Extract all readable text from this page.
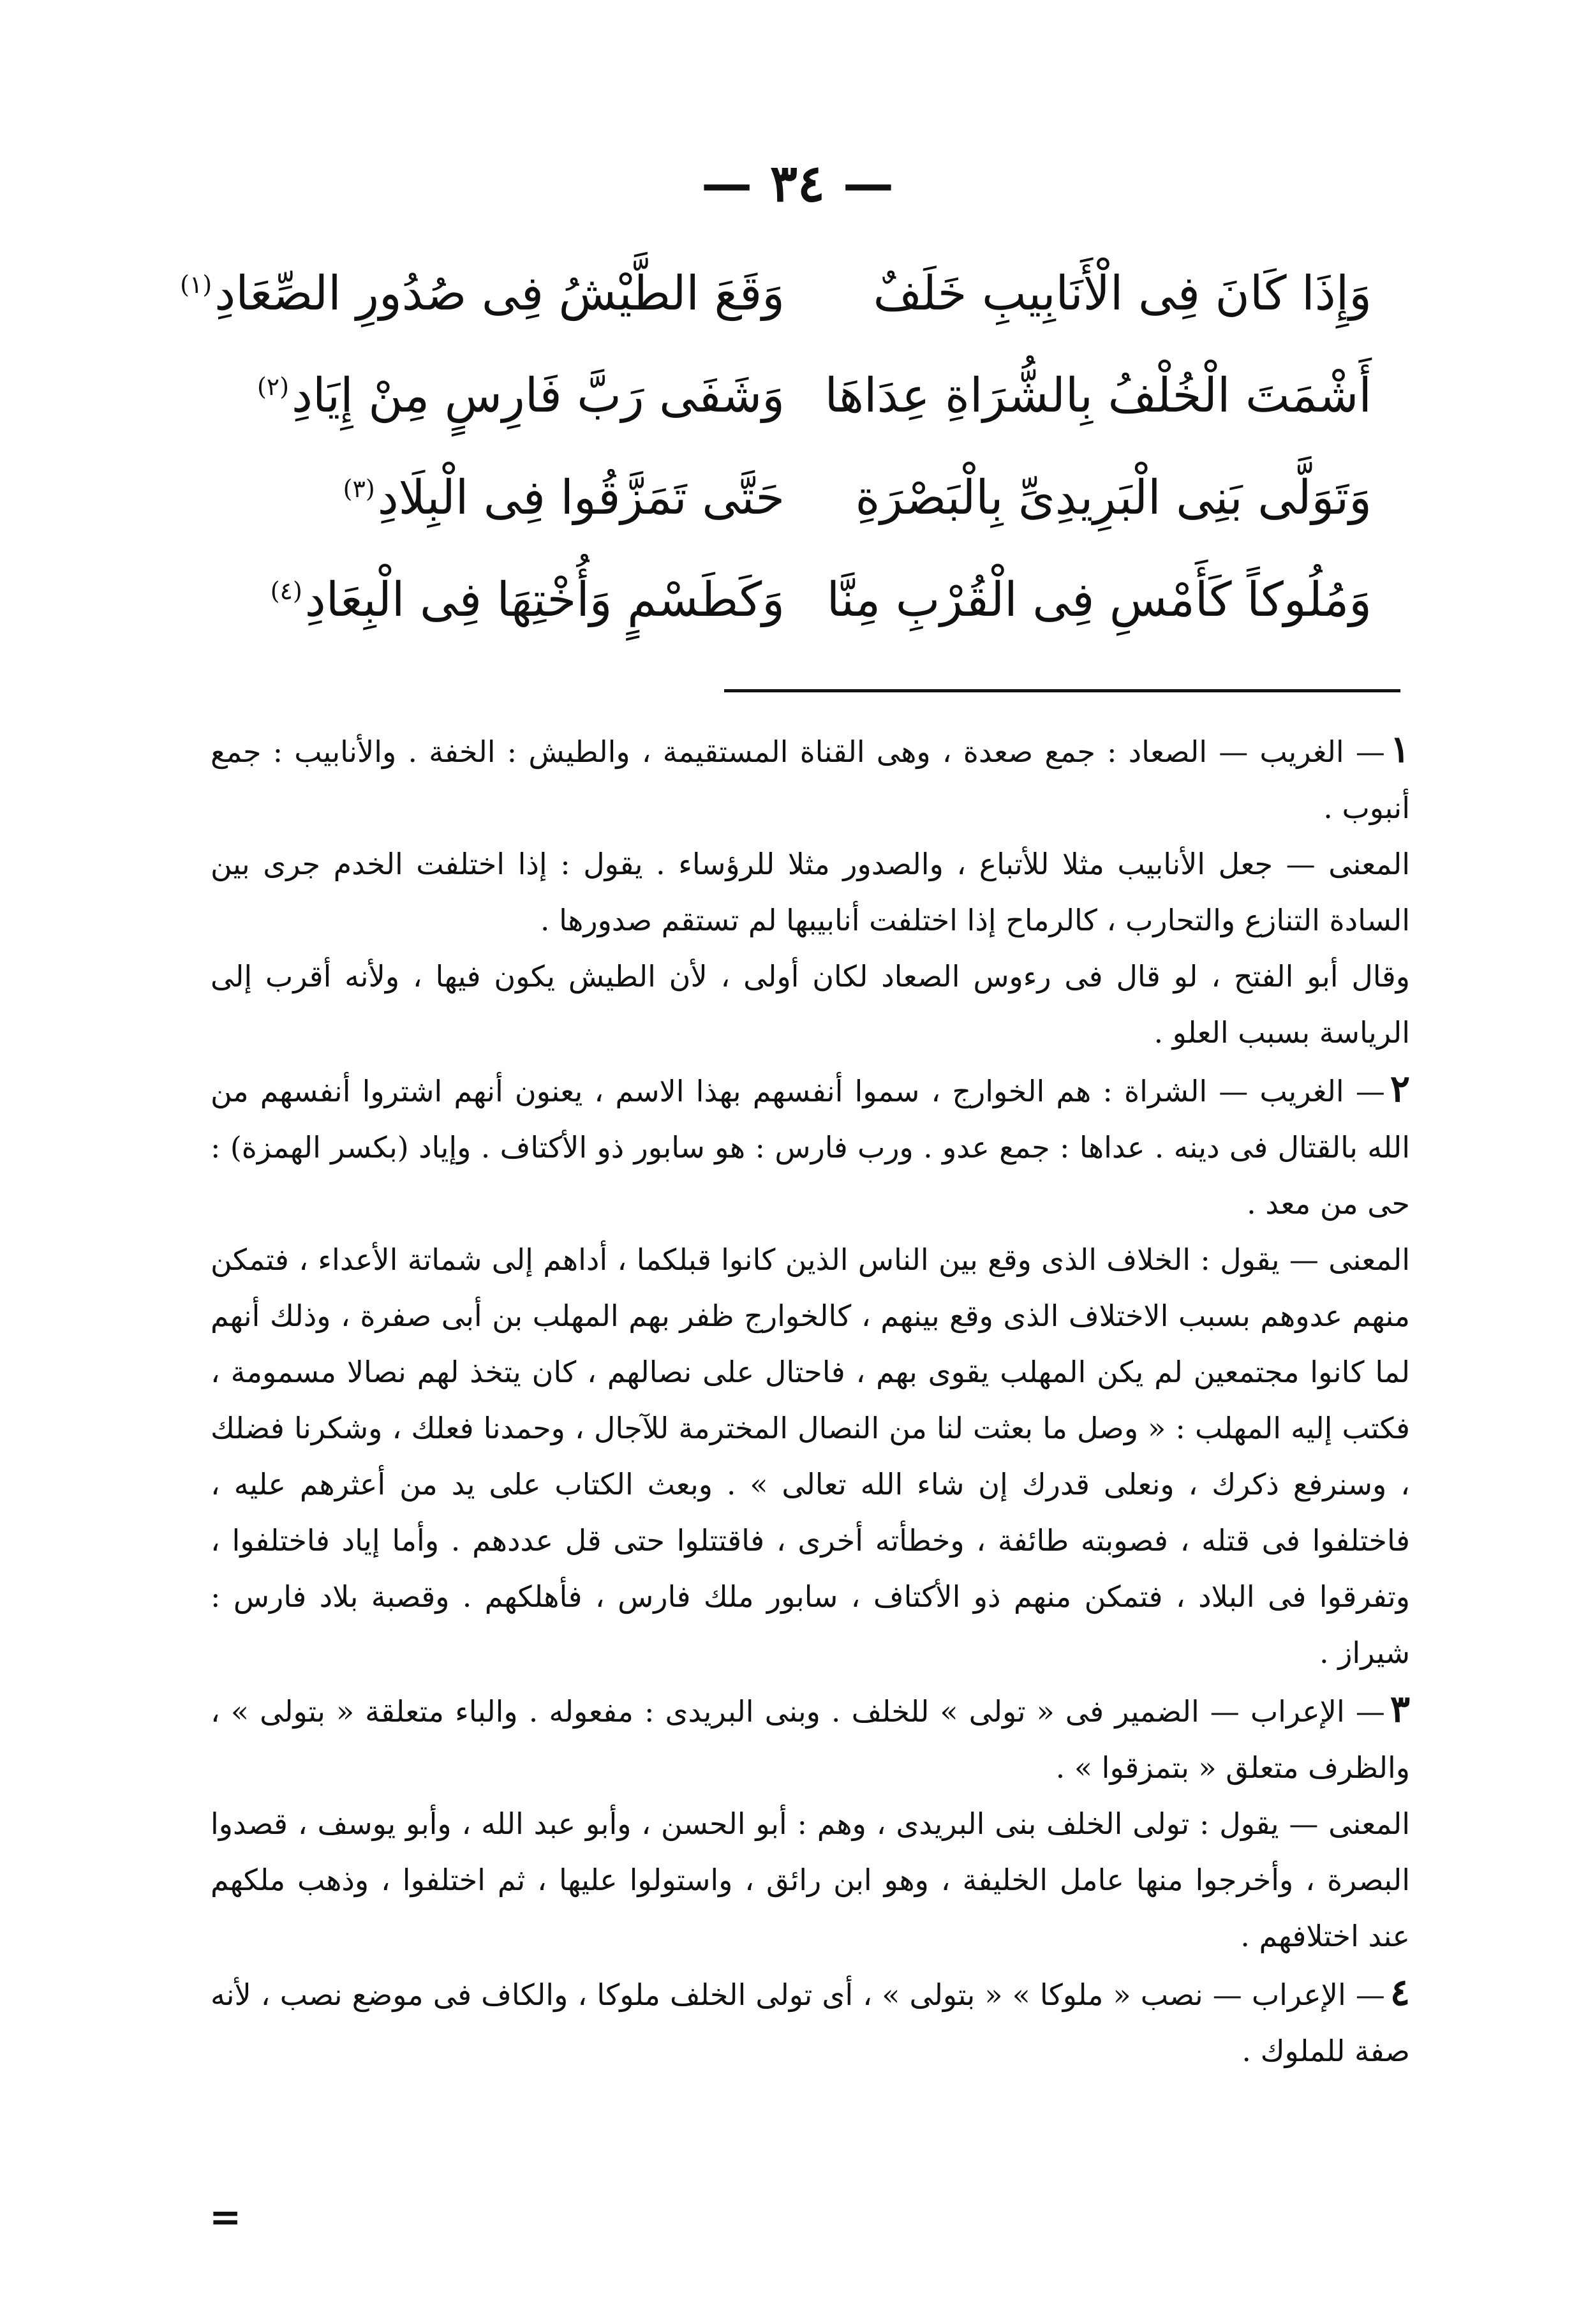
— ٣٤ —
وَإِذَا كَانَ فِى الْأَنَابِيبِ خَلَفٌ
وَقَعَ الطَّيْشُ فِى صُدُورِ الصِّعَادِ$^{(١)}$
أَشْمَتَ الْخُلْفُ بِالشُّرَاةِ عِدَاهَا
وَشَفَى رَبَّ فَارِسٍ مِنْ إِيَادِ$^{(٢)}$
وَتَوَلَّى بَنِى الْبَرِيدِىِّ بِالْبَصْرَةِ
حَتَّى تَمَزَّقُوا فِى الْبِلَادِ$^{(٣)}$
وَمُلُوكاً كَأَمْسِ فِى الْقُرْبِ مِنَّا
وَكَطَسْمٍ وَأُخْتِهَا فِى الْبِعَادِ$^{(٤)}$

١— الغريب — الصعاد : جمع صعدة ، وهى القناة المستقيمة ، والطيش : الخفة . والأنابيب : جمع أنبوب .

المعنى — جعل الأنابيب مثلا للأتباع ، والصدور مثلا للرؤساء . يقول : إذا اختلفت الخدم جرى بين السادة التنازع والتحارب ، كالرماح إذا اختلفت أنابيبها لم تستقم صدورها .

وقال أبو الفتح ، لو قال فى رءوس الصعاد لكان أولى ، لأن الطيش يكون فيها ، ولأنه أقرب إلى الرياسة بسبب العلو .

٢— الغريب — الشراة : هم الخوارج ، سموا أنفسهم بهذا الاسم ، يعنون أنهم اشتروا أنفسهم من الله بالقتال فى دينه . عداها : جمع عدو . ورب فارس : هو سابور ذو الأكتاف . وإياد (بكسر الهمزة) : حى من معد .

المعنى — يقول : الخلاف الذى وقع بين الناس الذين كانوا قبلكما ، أداهم إلى شماتة الأعداء ، فتمكن منهم عدوهم بسبب الاختلاف الذى وقع بينهم ، كالخوارج ظفر بهم المهلب بن أبى صفرة ، وذلك أنهم لما كانوا مجتمعين لم يكن المهلب يقوى بهم ، فاحتال على نصالهم ، كان يتخذ لهم نصالا مسمومة ، فكتب إليه المهلب : « وصل ما بعثت لنا من النصال المخترمة للآجال ، وحمدنا فعلك ، وشكرنا فضلك ، وسنرفع ذكرك ، ونعلى قدرك إن شاء الله تعالى » . وبعث الكتاب على يد من أعثرهم عليه ، فاختلفوا فى قتله ، فصوبته طائفة ، وخطأته أخرى ، فاقتتلوا حتى قل عددهم . وأما إياد فاختلفوا ، وتفرقوا فى البلاد ، فتمكن منهم ذو الأكتاف ، سابور ملك فارس ، فأهلكهم . وقصبة بلاد فارس : شيراز .

٣— الإعراب — الضمير فى « تولى » للخلف . وبنى البريدى : مفعوله . والباء متعلقة « بتولى » ، والظرف متعلق « بتمزقوا » .

المعنى — يقول : تولى الخلف بنى البريدى ، وهم : أبو الحسن ، وأبو عبد الله ، وأبو يوسف ، قصدوا البصرة ، وأخرجوا منها عامل الخليفة ، وهو ابن رائق ، واستولوا عليها ، ثم اختلفوا ، وذهب ملكهم عند اختلافهم .

٤— الإعراب — نصب « ملوكا » « بتولى » ، أى تولى الخلف ملوكا ، والكاف فى موضع نصب ، لأنه صفة للملوك .

=
